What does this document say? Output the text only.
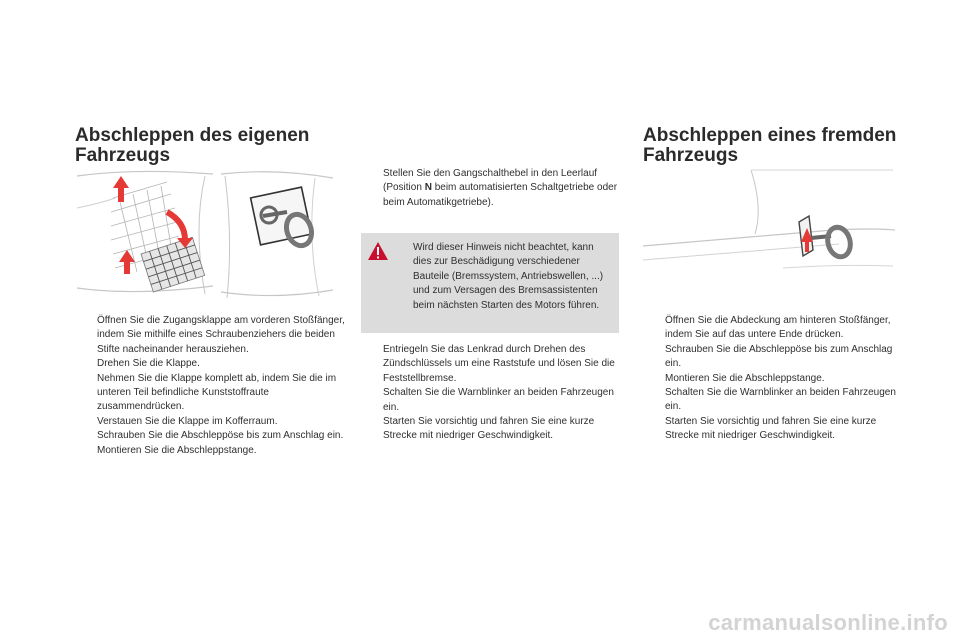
Abschleppen des eigenen
Fahrzeugs
Öffnen Sie die Zugangsklappe am vorderen Stoßfänger, indem Sie mithilfe eines Schraubenziehers die beiden Stifte nacheinander herausziehen.
Drehen Sie die Klappe.
Nehmen Sie die Klappe komplett ab, indem Sie die im unteren Teil befindliche Kunststoffraute zusammendrücken.
Verstauen Sie die Klappe im Kofferraum.
Schrauben Sie die Abschleppöse bis zum Anschlag ein.
Montieren Sie die Abschleppstange.
Stellen Sie den Gangschalthebel in den Leerlauf (Position N beim automatisierten Schaltgetriebe oder beim Automatikgetriebe).
Wird dieser Hinweis nicht beachtet, kann dies zur Beschädigung verschiedener Bauteile (Bremssystem, Antriebswellen, ...) und zum Versagen des Bremsassistenten beim nächsten Starten des Motors führen.
Entriegeln Sie das Lenkrad durch Drehen des Zündschlüssels um eine Raststufe und lösen Sie die Feststellbremse.
Schalten Sie die Warnblinker an beiden Fahrzeugen ein.
Starten Sie vorsichtig und fahren Sie eine kurze Strecke mit niedriger Geschwindigkeit.
Abschleppen eines fremden
Fahrzeugs
Öffnen Sie die Abdeckung am hinteren Stoßfänger, indem Sie auf das untere Ende drücken.
Schrauben Sie die Abschleppöse bis zum Anschlag ein.
Montieren Sie die Abschleppstange.
Schalten Sie die Warnblinker an beiden Fahrzeugen ein.
Starten Sie vorsichtig und fahren Sie eine kurze Strecke mit niedriger Geschwindigkeit.
carmanualsonline.info
